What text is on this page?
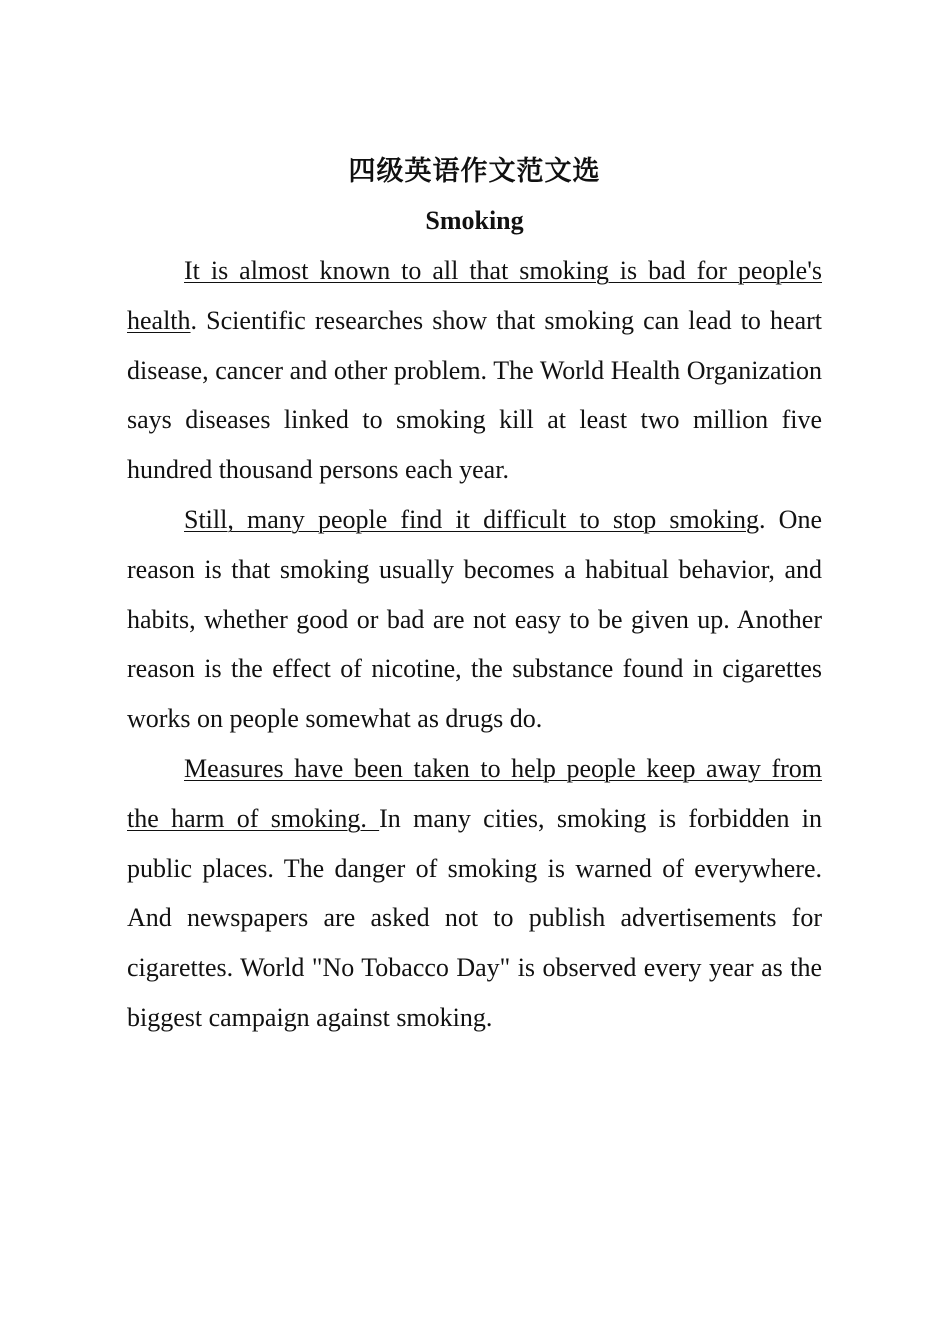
四级英语作文范文选
Smoking

It is almost known to all that smoking is bad for people's health. Scientific researches show that smoking can lead to heart disease, cancer and other problem. The World Health Organization says diseases linked to smoking kill at least two million five hundred thousand persons each year.

Still, many people find it difficult to stop smoking. One reason is that smoking usually becomes a habitual behavior, and habits, whether good or bad are not easy to be given up. Another reason is the effect of nicotine, the substance found in cigarettes works on people somewhat as drugs do.

Measures have been taken to help people keep away from the harm of smoking. In many cities, smoking is forbidden in public places. The danger of smoking is warned of everywhere. And newspapers are asked not to publish advertisements for cigarettes. World "No Tobacco Day" is observed every year as the biggest campaign against smoking.
